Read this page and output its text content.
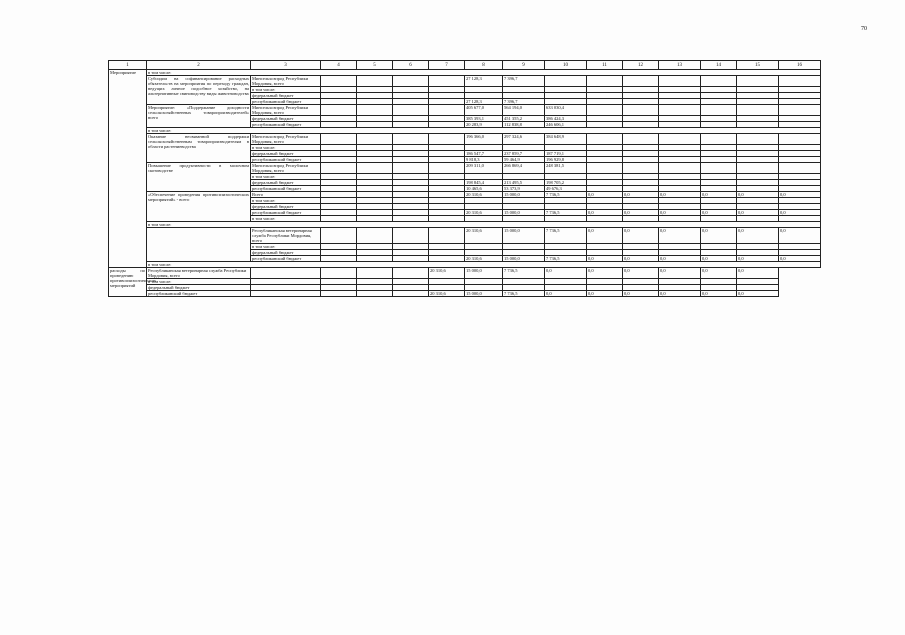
70
1	2	3	4	5	6	7	8	9	10	11	12	13	14	15	16
Мероприятие	в том числе:														
	Субсидии на софинансирование расходных обязательств на мероприятия по переходу граждан, ведущих личное подсобное хозяйство, на альтернативные свиноводству виды животноводства	Минсельхозпрод Республики Мордовия, всего					27 128,3	7 396,7							
		в том числе:													
		федеральный бюджет													
		республиканский бюджет					27 128,3	7 396,7							
	Мероприятие: «Поддержание доходности сельскохозяйственных товаропроизводителей» всего	Минсельхозпрод Республики Мордовия, всего					405 677,0	564 194,0	633 030,4						
		федеральный бюджет					385 393,1	451 355,2	386 424,3						
		республиканский бюджет					20 283,9	112 838,8	246 606,1						
	в том числе:														
	Оказание несвязанной поддержки сельскохозяйственным товаропроизводителям в области растениеводства	Минсельхозпрод Республики Мордовия, всего					196 366,0	297 324,6	384 648,9						
		в том числе:													
		федеральный бюджет					186 547,7	237 859,7	187 719,1						
		республиканский бюджет					9 818,3	59 464,9	196 929,8						
	Повышение продуктивности в молочном скотоводстве	Минсельхозпрод Республики Мордовия, всего					209 311,0	266 869,4	248 381,5						
		в том числе:													
		федеральный бюджет					198 845,4	213 495,5	198 705,2						
		республиканский бюджет					10 465,6	53 373,9	49 676,3						
	«Обеспечение проведения противоэпизоотических мероприятий» - всего	Всего					20 310,6	15 000,0	7 736,5	0,0	0,0	0,0	0,0	0,0	0,0
		в том числе:													
		федеральный бюджет													
		республиканский бюджет					20 310,6	15 000,0	7 736,5	0,0	0,0	0,0	0,0	0,0	0,0
		в том числе:													
	в том числе:														
		Республиканская ветеринарная служба Республики Мордовия, всего					20 310,6	15 000,0	7 736,5	0,0	0,0	0,0	0,0	0,0	0,0
		в том числе:													
		федеральный бюджет													
		республиканский бюджет					20 310,6	15 000,0	7 736,5	0,0	0,0	0,0	0,0	0,0	0,0
	в том числе:														
расходы по проведению противоэпизоотических мероприятий	Республиканская ветеринарная служба Республики Мордовия, всего					20 310,6	15 000,0	7 736,5	0,0	0,0	0,0	0,0	0,0	0,0	
	в том числе:														
	федеральный бюджет														
	республиканский бюджет					20 310,6	15 000,0	7 736,5	0,0	0,0	0,0	0,0	0,0	0,0	
